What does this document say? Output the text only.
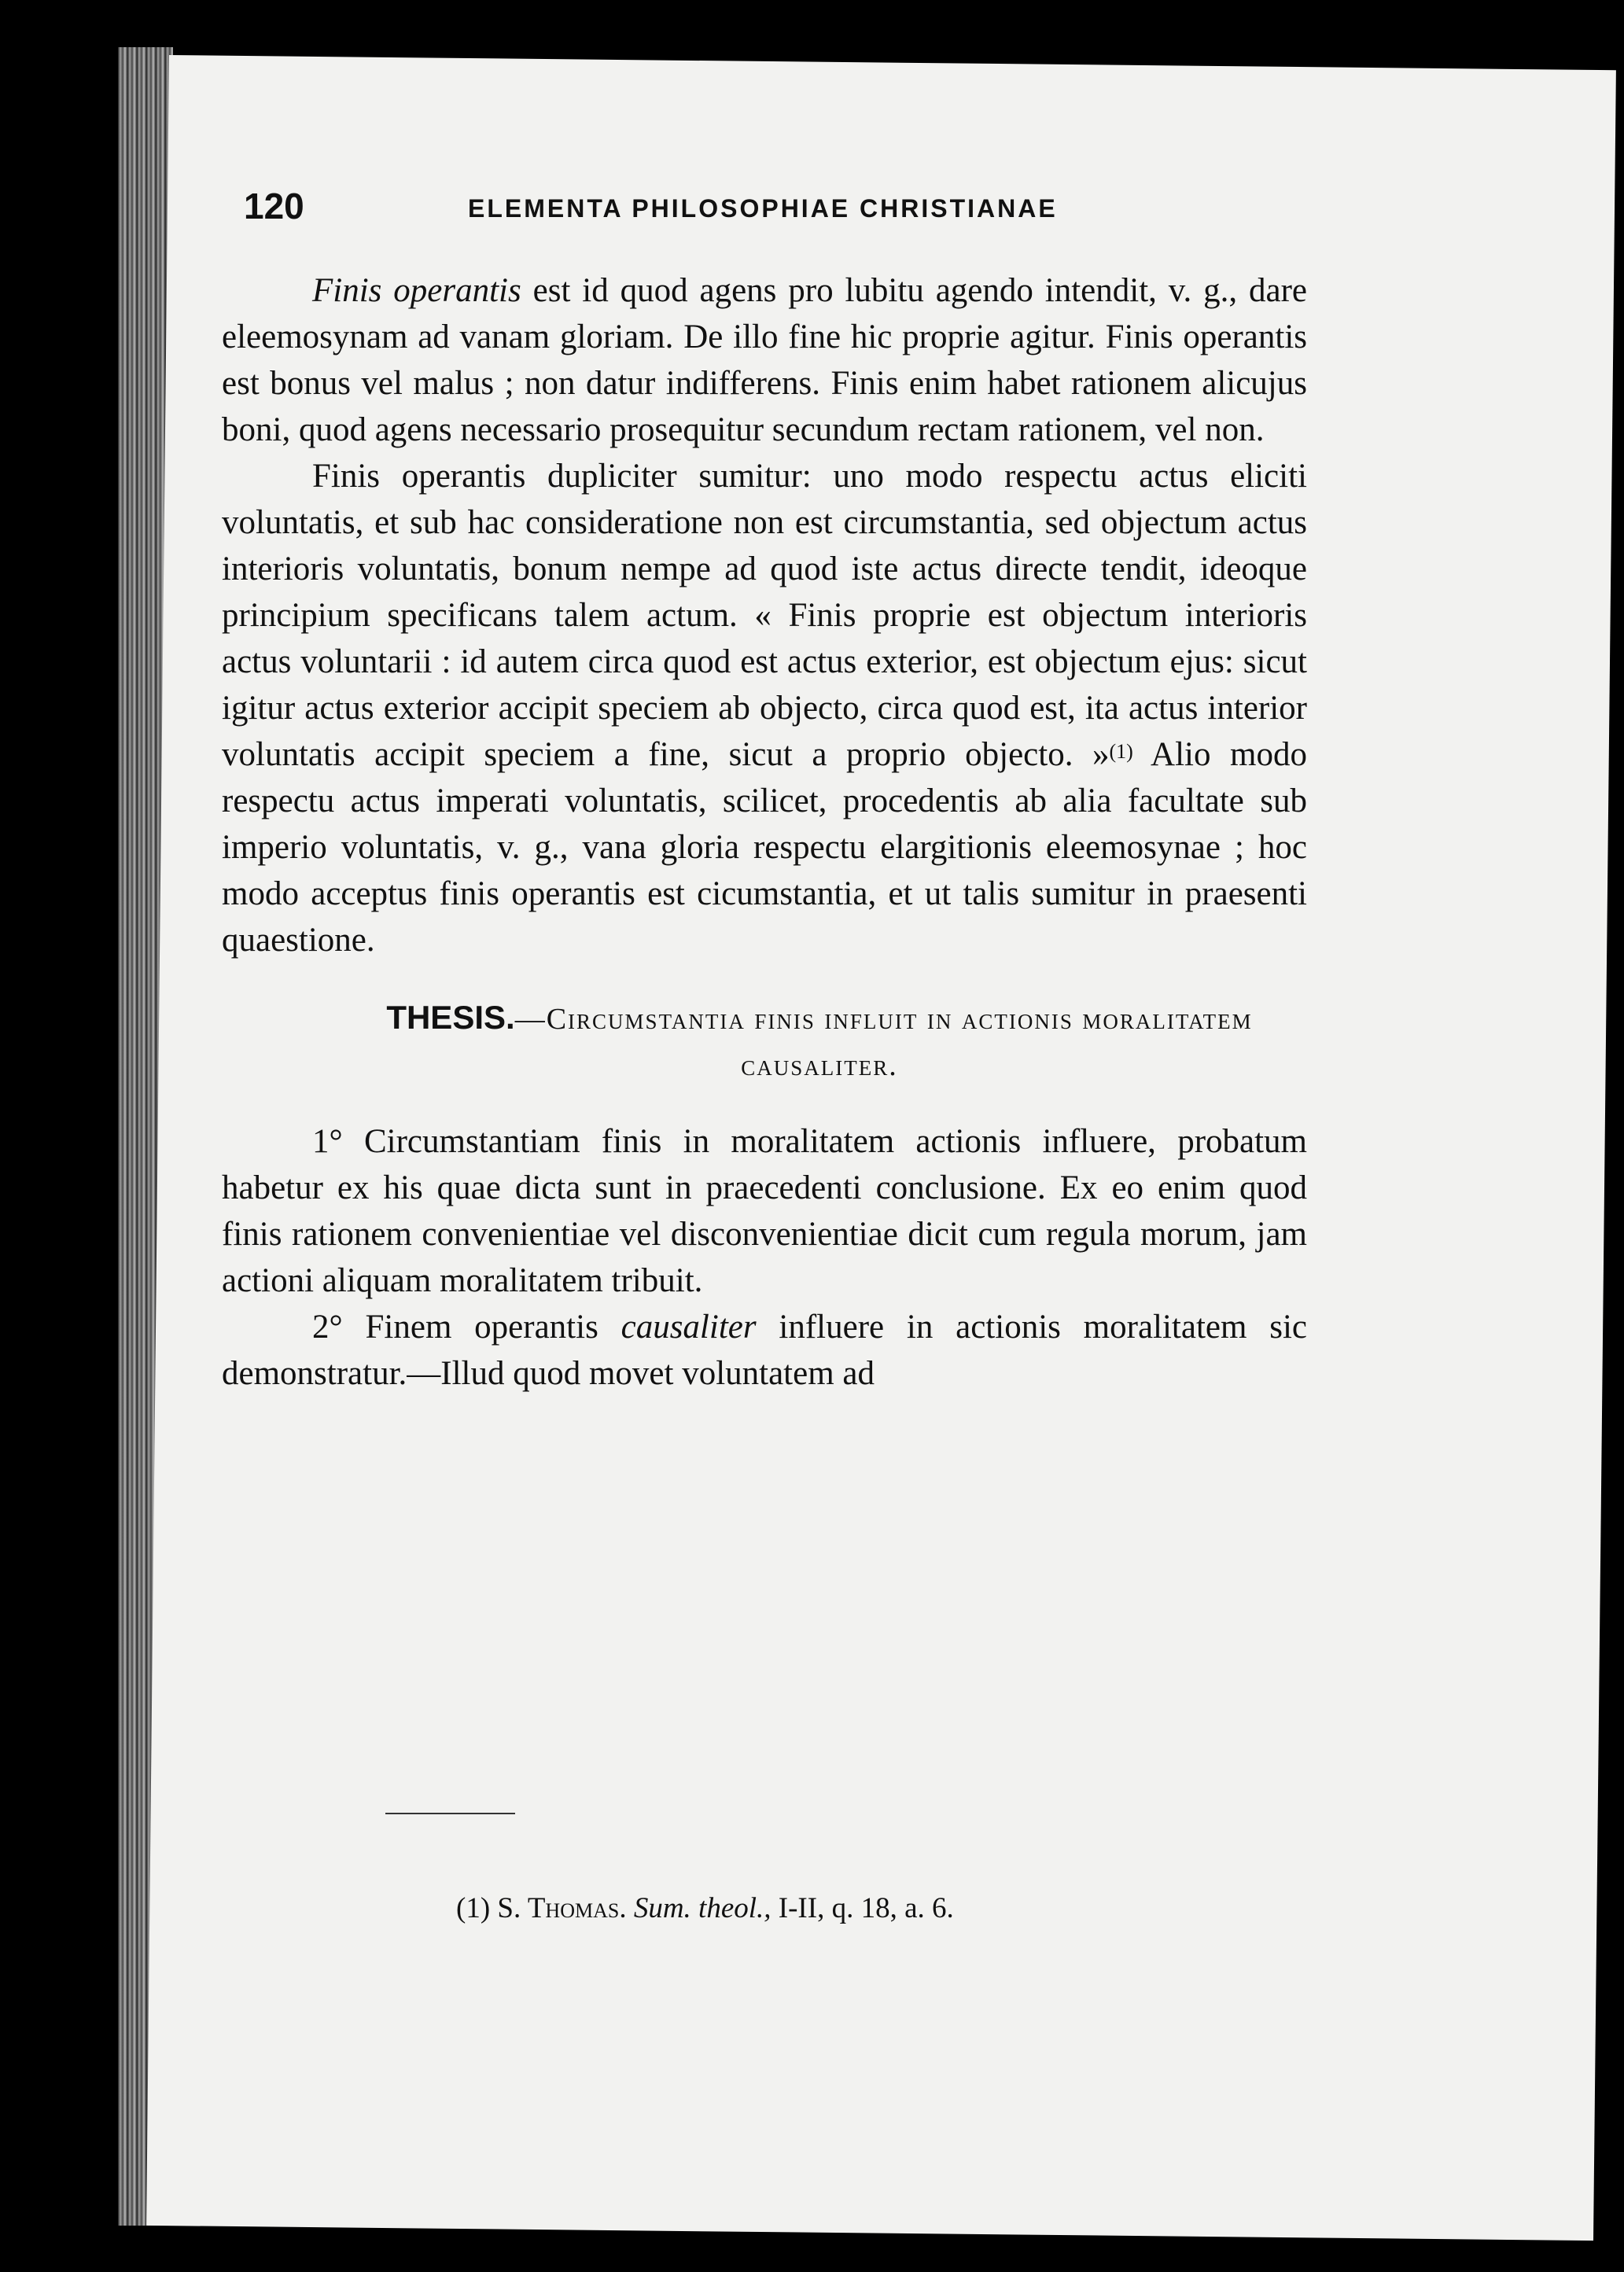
120	ELEMENTA PHILOSOPHIAE CHRISTIANAE

Finis operantis est id quod agens pro lubitu agendo intendit, v. g., dare eleemosynam ad vanam gloriam. De illo fine hic proprie agitur. Finis operantis est bonus vel malus ; non datur indifferens. Finis enim habet rationem alicujus boni, quod agens necessario prosequitur secundum rectam rationem, vel non.

Finis operantis dupliciter sumitur: uno modo respectu actus eliciti voluntatis, et sub hac consideratione non est circumstantia, sed objectum actus interioris voluntatis, bonum nempe ad quod iste actus directe tendit, ideoque principium specificans talem actum. « Finis proprie est objectum interioris actus voluntarii : id autem circa quod est actus exterior, est objectum ejus: sicut igitur actus exterior accipit speciem ab objecto, circa quod est, ita actus interior voluntatis accipit speciem a fine, sicut a proprio objecto. »$^{(1)}$ Alio modo respectu actus imperati voluntatis, scilicet, procedentis ab alia facultate sub imperio voluntatis, v. g., vana gloria respectu elargitionis eleemosynae ; hoc modo acceptus finis operantis est cicumstantia, et ut talis sumitur in praesenti quaestione.

THESIS.—Circumstantia finis influit in actionis moralitatem causaliter.

1° Circumstantiam finis in moralitatem actionis influere, probatum habetur ex his quae dicta sunt in praecedenti conclusione. Ex eo enim quod finis rationem convenientiae vel disconvenientiae dicit cum regula morum, jam actioni aliquam moralitatem tribuit.

2° Finem operantis causaliter influere in actionis moralitatem sic demonstratur.—Illud quod movet voluntatem ad

(1) S. Thomas. Sum. theol., I-II, q. 18, a. 6.
